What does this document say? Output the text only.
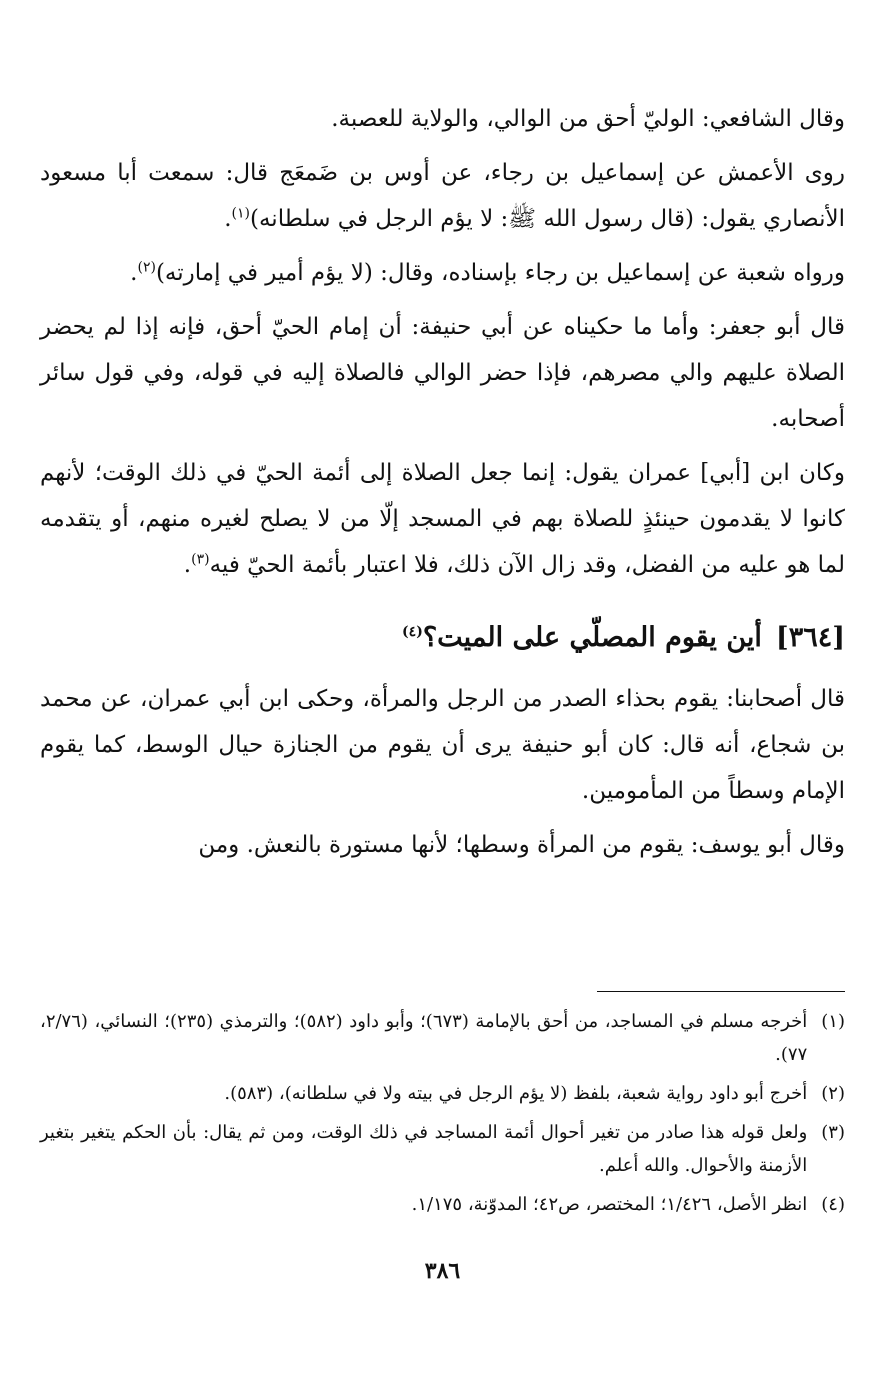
وقال الشافعي: الوليّ أحق من الوالي، والولاية للعصبة.

روى الأعمش عن إسماعيل بن رجاء، عن أوس بن ضَمعَج قال: سمعت أبا مسعود الأنصاري يقول: (قال رسول الله ﷺ: لا يؤم الرجل في سلطانه)$^{(١)}$.

ورواه شعبة عن إسماعيل بن رجاء بإسناده، وقال: (لا يؤم أمير في إمارته)$^{(٢)}$.

قال أبو جعفر: وأما ما حكيناه عن أبي حنيفة: أن إمام الحيّ أحق، فإنه إذا لم يحضر الصلاة عليهم والي مصرهم، فإذا حضر الوالي فالصلاة إليه في قوله، وفي قول سائر أصحابه.

وكان ابن [أبي] عمران يقول: إنما جعل الصلاة إلى أئمة الحيّ في ذلك الوقت؛ لأنهم كانوا لا يقدمون حينئذٍ للصلاة بهم في المسجد إلّا من لا يصلح لغيره منهم، أو يتقدمه لما هو عليه من الفضل، وقد زال الآن ذلك، فلا اعتبار بأئمة الحيّ فيه$^{(٣)}$.

[٣٦٤]أين يقوم المصلّي على الميت؟$^{(٤)}$

قال أصحابنا: يقوم بحذاء الصدر من الرجل والمرأة، وحكى ابن أبي عمران، عن محمد بن شجاع، أنه قال: كان أبو حنيفة يرى أن يقوم من الجنازة حيال الوسط، كما يقوم الإمام وسطاً من المأمومين.

وقال أبو يوسف: يقوم من المرأة وسطها؛ لأنها مستورة بالنعش. ومن

(١)
أخرجه مسلم في المساجد، من أحق بالإمامة (٦٧٣)؛ وأبو داود (٥٨٢)؛ والترمذي (٢٣٥)؛ النسائي، (٢/٧٦، ٧٧).
(٢)
أخرج أبو داود رواية شعبة، بلفظ (لا يؤم الرجل في بيته ولا في سلطانه)، (٥٨٣).
(٣)
ولعل قوله هذا صادر من تغير أحوال أئمة المساجد في ذلك الوقت، ومن ثم يقال: بأن الحكم يتغير بتغير الأزمنة والأحوال. والله أعلم.
(٤)
انظر الأصل، ١/٤٢٦؛ المختصر، ص٤٢؛ المدوّنة، ١/١٧٥.
٣٨٦
